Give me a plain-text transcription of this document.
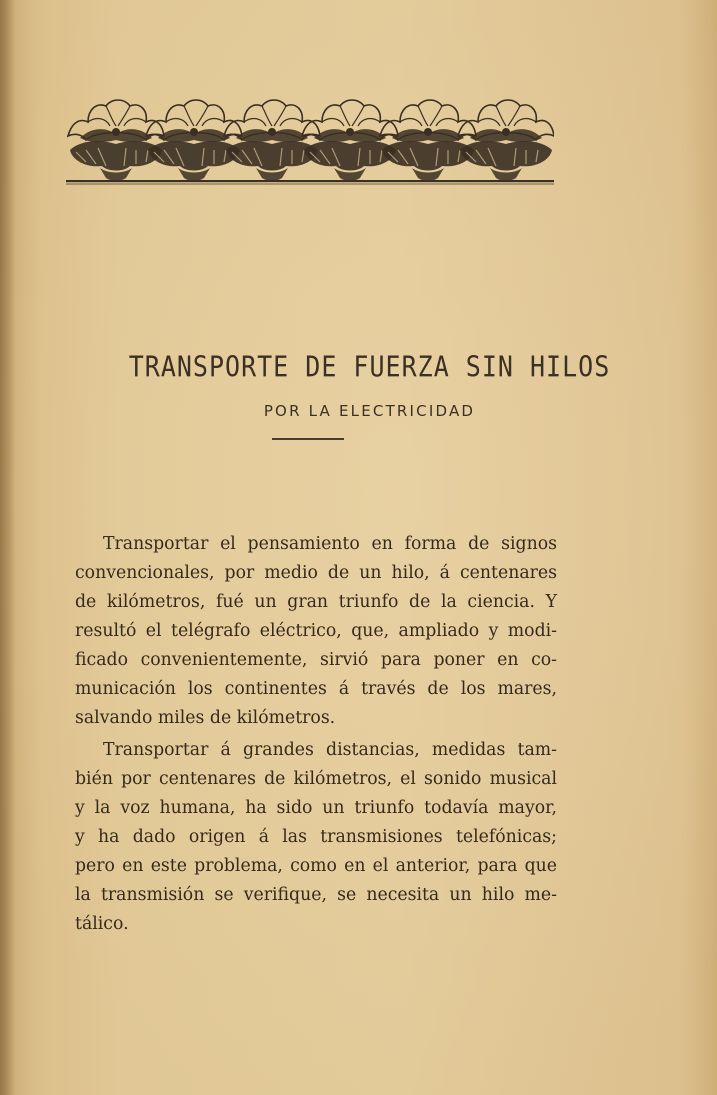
TRANSPORTE DE FUERZA SIN HILOS
POR LA ELECTRICIDAD
Transportar el pensamiento en forma de signos
convencionales, por medio de un hilo, á centenares
de kilómetros, fué un gran triunfo de la ciencia. Y
resultó el telégrafo eléctrico, que, ampliado y modi-
ficado convenientemente, sirvió para poner en co-
municación los continentes á través de los mares,
salvando miles de kilómetros.
Transportar á grandes distancias, medidas tam-
bién por centenares de kilómetros, el sonido musical
y la voz humana, ha sido un triunfo todavía mayor,
y ha dado origen á las transmisiones telefónicas;
pero en este problema, como en el anterior, para que
la transmisión se verifique, se necesita un hilo me-
tálico.
